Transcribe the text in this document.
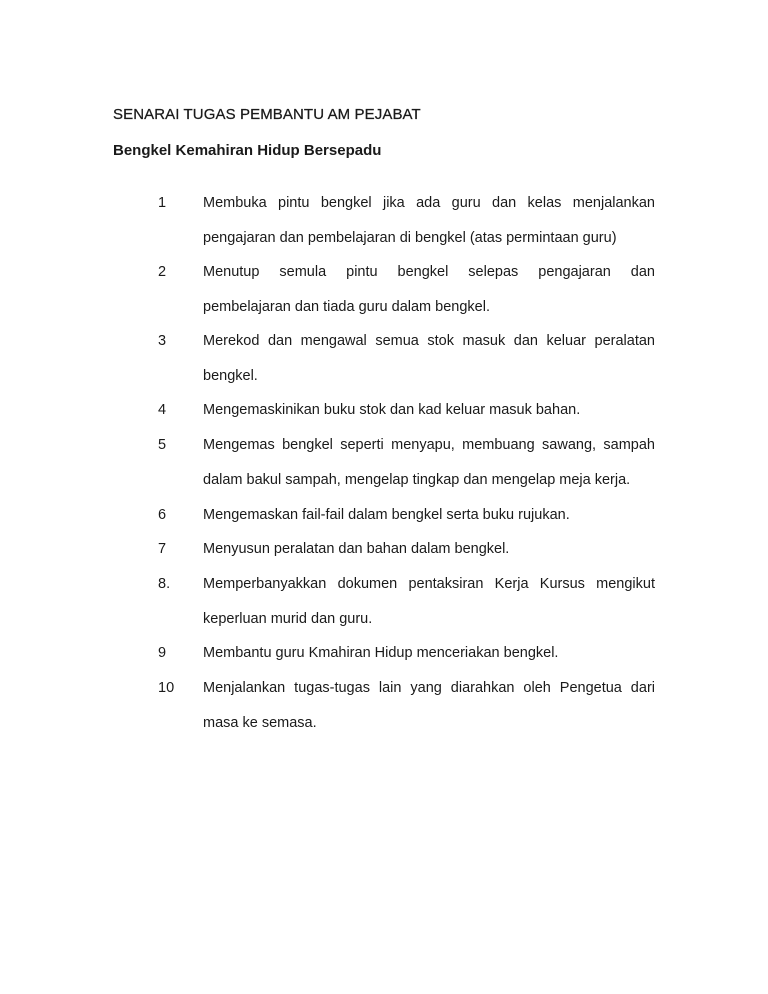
SENARAI TUGAS PEMBANTU AM PEJABAT
Bengkel Kemahiran Hidup Bersepadu
1	Membuka pintu bengkel jika ada guru dan kelas menjalankan
pengajaran dan pembelajaran di bengkel (atas permintaan guru)
2	Menutup semula pintu bengkel selepas pengajaran dan
pembelajaran dan tiada guru dalam bengkel.
3	Merekod dan mengawal semua stok masuk dan keluar peralatan
bengkel.
4	Mengemaskinikan buku stok dan kad keluar masuk bahan.
5	Mengemas bengkel seperti menyapu, membuang sawang, sampah
dalam bakul sampah, mengelap tingkap dan mengelap meja kerja.
6	Mengemaskan fail-fail dalam bengkel serta buku rujukan.
7	Menyusun peralatan dan bahan dalam bengkel.
8. Memperbanyakkan dokumen pentaksiran Kerja Kursus mengikut
keperluan murid dan guru.
9	Membantu guru Kmahiran Hidup menceriakan bengkel.
10 Menjalankan tugas-tugas lain yang diarahkan oleh Pengetua dari
masa ke semasa.
